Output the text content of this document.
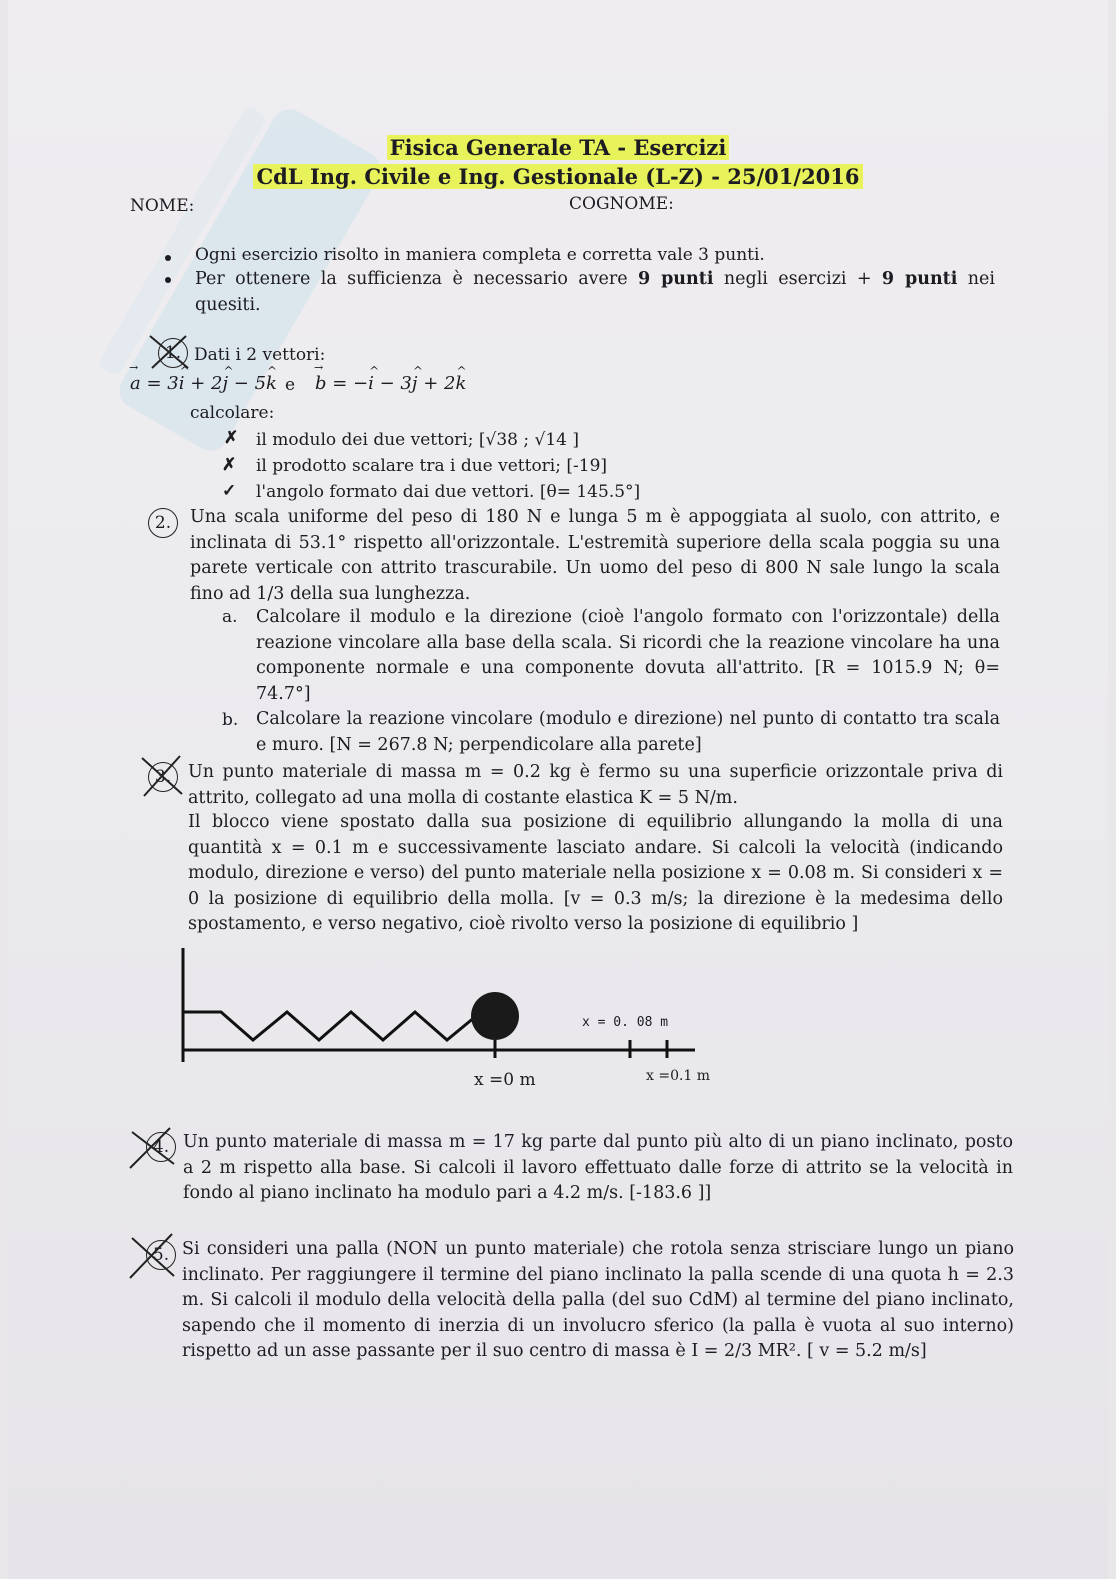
Fisica Generale TA - Esercizi
CdL Ing. Civile e Ing. Gestionale (L-Z) - 25/01/2016
NOME:	COGNOME:
Ogni esercizio risolto in maniera completa e corretta vale 3 punti.
Per ottenere la sufficienza è necessario avere 9 punti negli esercizi + 9 punti nei quesiti.
1. Dati i 2 vettori:
→ a = 3i ^ + 2j ^ − 5k ^ e
→ b = −i ^ − 3j ^ + 2k ^
calcolare:
✗ il modulo dei due vettori; [√38 ; √14 ]
✗ il prodotto scalare tra i due vettori; [-19]
✓ l'angolo formato dai due vettori. [θ= 145.5°]
2.	Una scala uniforme del peso di 180 N e lunga 5 m è appoggiata al suolo, con attrito, e inclinata di 53.1° rispetto all'orizzontale. L'estremità superiore della scala poggia su una parete verticale con attrito trascurabile. Un uomo del peso di 800 N sale lungo la scala fino ad 1/3 della sua lunghezza.
a. Calcolare il modulo e la direzione (cioè l'angolo formato con l'orizzontale) della reazione vincolare alla base della scala. Si ricordi che la reazione vincolare ha una componente normale e una componente dovuta all'attrito. [R = 1015.9 N; θ= 74.7°]
b. Calcolare la reazione vincolare (modulo e direzione) nel punto di contatto tra scala e muro. [N = 267.8 N; perpendicolare alla parete]
3. Un punto materiale di massa m = 0.2 kg è fermo su una superficie orizzontale priva di attrito, collegato ad una molla di costante elastica K = 5 N/m.
Il blocco viene spostato dalla sua posizione di equilibrio allungando la molla di una quantità x = 0.1 m e successivamente lasciato andare. Si calcoli la velocità (indicando modulo, direzione e verso) del punto materiale nella posizione x = 0.08 m. Si consideri x = 0 la posizione di equilibrio della molla. [v = 0.3 m/s; la direzione è la medesima dello spostamento, e verso negativo, cioè rivolto verso la posizione di equilibrio ]
x =0 m
x = 0. 08 m
x =0.1 m
4. Un punto materiale di massa m = 17 kg parte dal punto più alto di un piano inclinato, posto a 2 m rispetto alla base. Si calcoli il lavoro effettuato dalle forze di attrito se la velocità in fondo al piano inclinato ha modulo pari a 4.2 m/s. [-183.6 ]]
5. Si consideri una palla (NON un punto materiale) che rotola senza strisciare lungo un piano inclinato. Per raggiungere il termine del piano inclinato la palla scende di una quota h = 2.3 m. Si calcoli il modulo della velocità della palla (del suo CdM) al termine del piano inclinato, sapendo che il momento di inerzia di un involucro sferico (la palla è vuota al suo interno) rispetto ad un asse passante per il suo centro di massa è I = 2/3 MR². [ v = 5.2 m/s]
